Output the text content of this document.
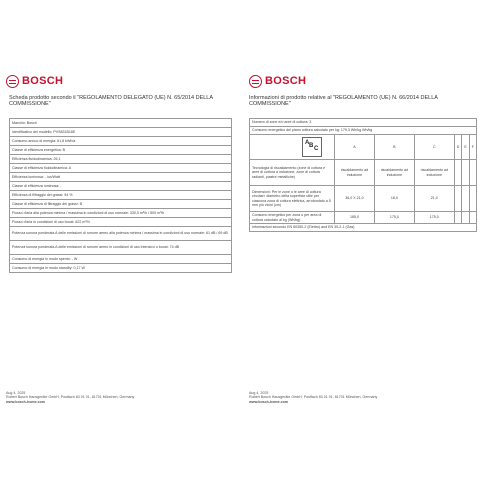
BOSCH
Scheda prodotto secondo il "REGOLAMENTO DELEGATO (UE) N. 65/2014 DELLA COMMISSIONE"
Marchio: Bosch
Identificativo del modello: PVS831B16E
Consumo annuo di energia: 61,8 kWh/a
Classe di efficienza energetica: B
Efficienza fluidodinamica: 26,1
Classe di efficienza fluidodinamica: A
Efficienza luminosa: - lux/Watt
Classe di efficienza luminosa: -
Efficienza di filtraggio dei grassi: 94 %
Classe di efficienza di filtraggio dei grassi: B
Flusso d'aria alla potenza minima / massima in condizioni di uso normale: 330,0 m³/h / 500 m³/h
Flusso d'aria in condizioni di uso boost: 622 m³/h
Potenza sonora ponderata A delle emissioni di rumore aereo alla potenza minima / massima in condizioni di uso normale: 61 dB / 69 dB
Potenza sonora ponderata A delle emissioni di rumore aereo in condizioni di uso intensivo o boost: 74 dB
Consumo di energia in modo spento: - W
Consumo di energia in modo standby: 0,17 W
Aug 4, 2025
Robert Bosch Hausgeräte GmbH, Postfach 83 01 01, 81701 München, Germany
www.bosch-home.com
BOSCH
Informazioni di prodotto relative al "REGOLAMENTO (UE) N. 66/2014 DELLA COMMISSIONE"
Numero di zone e/o aree di cottura: 3						
Consumo energetico del piano cottura calcolato per kg: 179,3 Wh/kg Wh/kg						

A B C	A	B	C	D	E	F
Tecnologia di riscaldamento (zone di cottura e aree di cottura a induzione, zone di cottura radianti, piastre metalliche)	riscaldamento ad induzione	riscaldamento ad induzione	riscaldamento ad induzione			
Dimensioni: Per le zone o le aree di cottura circolari: diametro della superficie utile per ciascuna zona di cottura elettrica, arrotondato a 5 mm più vicini (cm)	36,0 X 21,0	18,0	21,0			
Consumo energetico per zona o per area di cottura calcolato al kg (Wh/kg)	185,0	175,0	175,0			
Informazioni secondo EN 60350-2 (Elettro) and EN 30-2-1 (Gas)						
Aug 4, 2025
Robert Bosch Hausgeräte GmbH, Postfach 83 01 01, 81701 München, Germany
www.bosch-home.com
